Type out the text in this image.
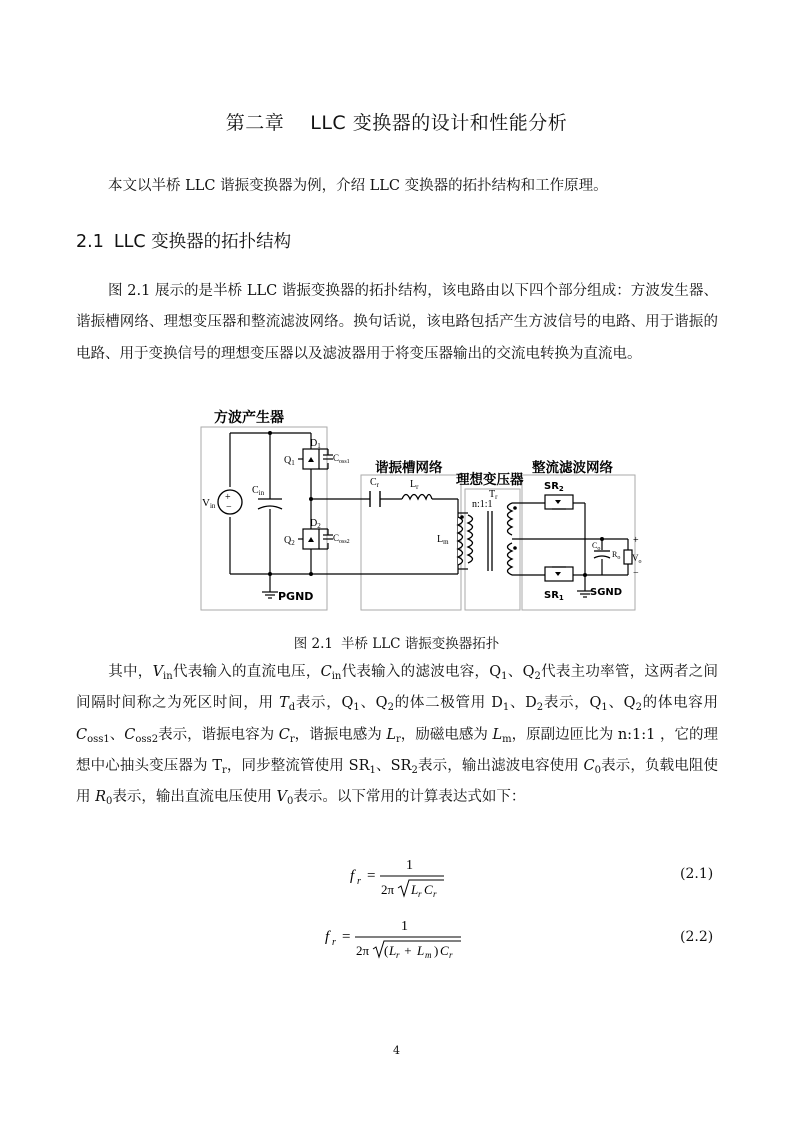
第二章 LLC 变换器的设计和性能分析
本文以半桥 LLC 谐振变换器为例，介绍 LLC 变换器的拓扑结构和工作原理。
2.1 LLC 变换器的拓扑结构
图 2.1 展示的是半桥 LLC 谐振变换器的拓扑结构，该电路由以下四个部分组成：方波发生器、谐振槽网络、理想变压器和整流滤波网络。换句话说，该电路包括产生方波信号的电路、用于谐振的电路、用于变换信号的理想变压器以及滤波器用于将变压器输出的交流电转换为直流电。
方波产生器
谐振槽网络
理想变压器
整流滤波网络
PGND
+
−
Vin
$C_{in}$
$Q_1$
$D_1$
$C_{oss1}$
$Q_2$
$D_2$
$C_{oss2}$
$C_r$	$L_r$
$L_m$
$T_r$
n:1:1
$SR_2$
$SR_1$
$C_o$
$R_o$
+
−
$V_o$
SGND
图 2.1 半桥 LLC 谐振变换器拓扑
其中，$V_{in}$代表输入的直流电压，$C_{in}$代表输入的滤波电容，$Q_1$、$Q_2$代表主功率管，这两者之间间隔时间称之为死区时间，用 $T_d$表示，$Q_1$、$Q_2$的体二极管用 $D_1$、$D_2$表示，$Q_1$、$Q_2$的体电容用 $C_{oss1}$、$C_{oss2}$表示，谐振电容为 $C_r$，谐振电感为 $L_r$，励磁电感为 $L_m$，原副边匝比为 n:1:1 ，它的理想中心抽头变压器为 $T_r$，同步整流管使用 $SR_1$、$SR_2$表示，输出滤波电容使用 $C_0$表示，负载电阻使用 $R_0$表示，输出直流电压使用 $V_0$表示。以下常用的计算表达式如下：
f r =
1
2π L r C r
(2.1)
f r =
1
2π ( L r + L m ) C r
(2.2)
4
